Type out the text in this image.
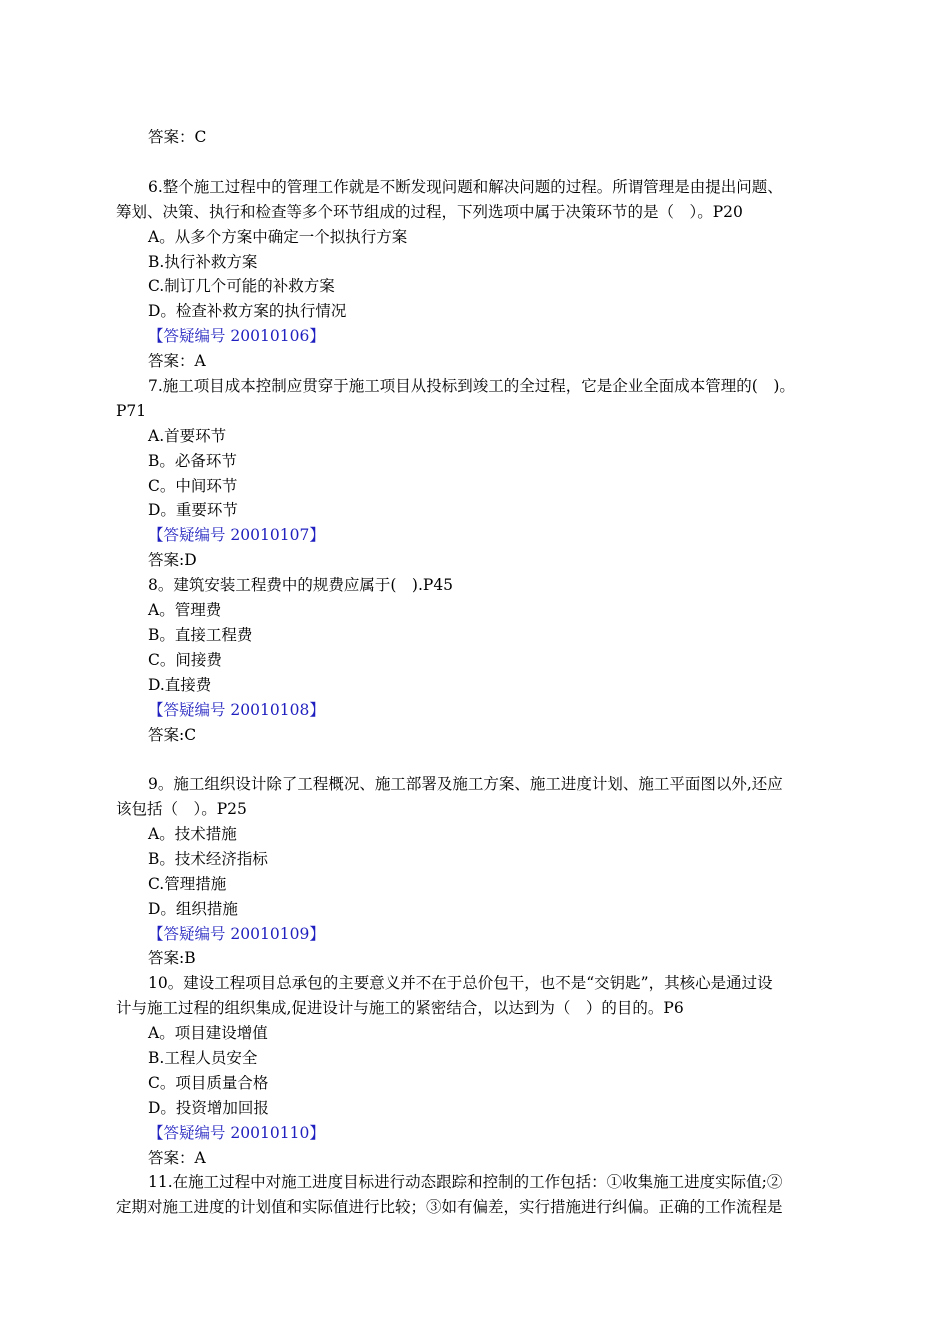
答案：C
6.整个施工过程中的管理工作就是不断发现问题和解决问题的过程。所谓管理是由提出问题、
筹划、决策、执行和检查等多个环节组成的过程，下列选项中属于决策环节的是（　）。P20
A。从多个方案中确定一个拟执行方案
B.执行补救方案
C.制订几个可能的补救方案
D。检查补救方案的执行情况
【答疑编号 20010106】
答案：A
7.施工项目成本控制应贯穿于施工项目从投标到竣工的全过程，它是企业全面成本管理的(　)。
P71
A.首要环节
B。必备环节
C。中间环节
D。重要环节
【答疑编号 20010107】
答案:D
8。建筑安装工程费中的规费应属于(　).P45
A。管理费
B。直接工程费
C。间接费
D.直接费
【答疑编号 20010108】
答案:C
9。施工组织设计除了工程概况、施工部署及施工方案、施工进度计划、施工平面图以外,还应
该包括（　）。P25
A。技术措施
B。技术经济指标
C.管理措施
D。组织措施
【答疑编号 20010109】
答案:B
10。建设工程项目总承包的主要意义并不在于总价包干，也不是“交钥匙”，其核心是通过设
计与施工过程的组织集成,促进设计与施工的紧密结合，以达到为（　）的目的。P6
A。项目建设增值
B.工程人员安全
C。项目质量合格
D。投资增加回报
【答疑编号 20010110】
答案：A
11.在施工过程中对施工进度目标进行动态跟踪和控制的工作包括：①收集施工进度实际值;②
定期对施工进度的计划值和实际值进行比较；③如有偏差，实行措施进行纠偏。正确的工作流程是
